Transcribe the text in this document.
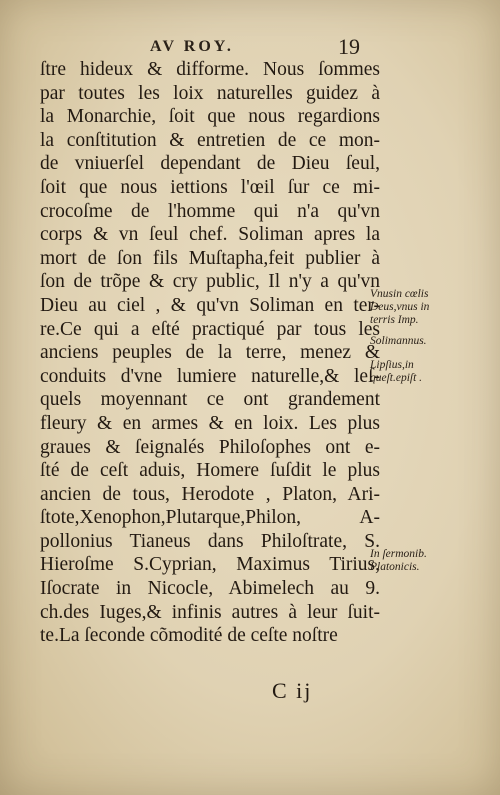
AV ROY.	19
ſtre hideux & difforme. Nous ſommes
par toutes les loix naturelles guidez à
la Monarchie, ſoit que nous regardions
la conſtitution & entretien de ce mon-
de vniuerſel dependant de Dieu ſeul,
ſoit que nous iettions l'œil ſur ce mi-
crocoſme de l'homme qui n'a qu'vn
corps & vn ſeul chef. Soliman apres la
mort de ſon fils Muſtapha,feit publier à
ſon de trõpe & cry public, Il n'y a qu'vn
Dieu au ciel , & qu'vn Soliman en ter-
re.Ce qui a eſté practiqué par tous les
anciens peuples de la terre, menez &
conduits d'vne lumiere naturelle,& leſ-
quels moyennant ce ont grandement
fleury & en armes & en loix. Les plus
graues & ſeignalés Philoſophes ont e-
ſté de ceſt aduis, Homere ſuſdit le plus
ancien de tous, Herodote , Platon, Ari-
ſtote,Xenophon,Plutarque,Philon, A-
pollonius Tianeus dans Philoſtrate, S.
Hieroſme S.Cyprian, Maximus Tirius,
Iſocrate in Nicocle, Abimelech au 9.
ch.des Iuges,& infinis autres à leur ſuit-
te.La ſeconde cõmodité de ceſte noſtre
Vnusin cœlis
Deus,vnus in
terris Imp.
Solimannus.
Lipſius,in
queſt.epiſt .
In ſermonib.
Platonicis.
C ij
